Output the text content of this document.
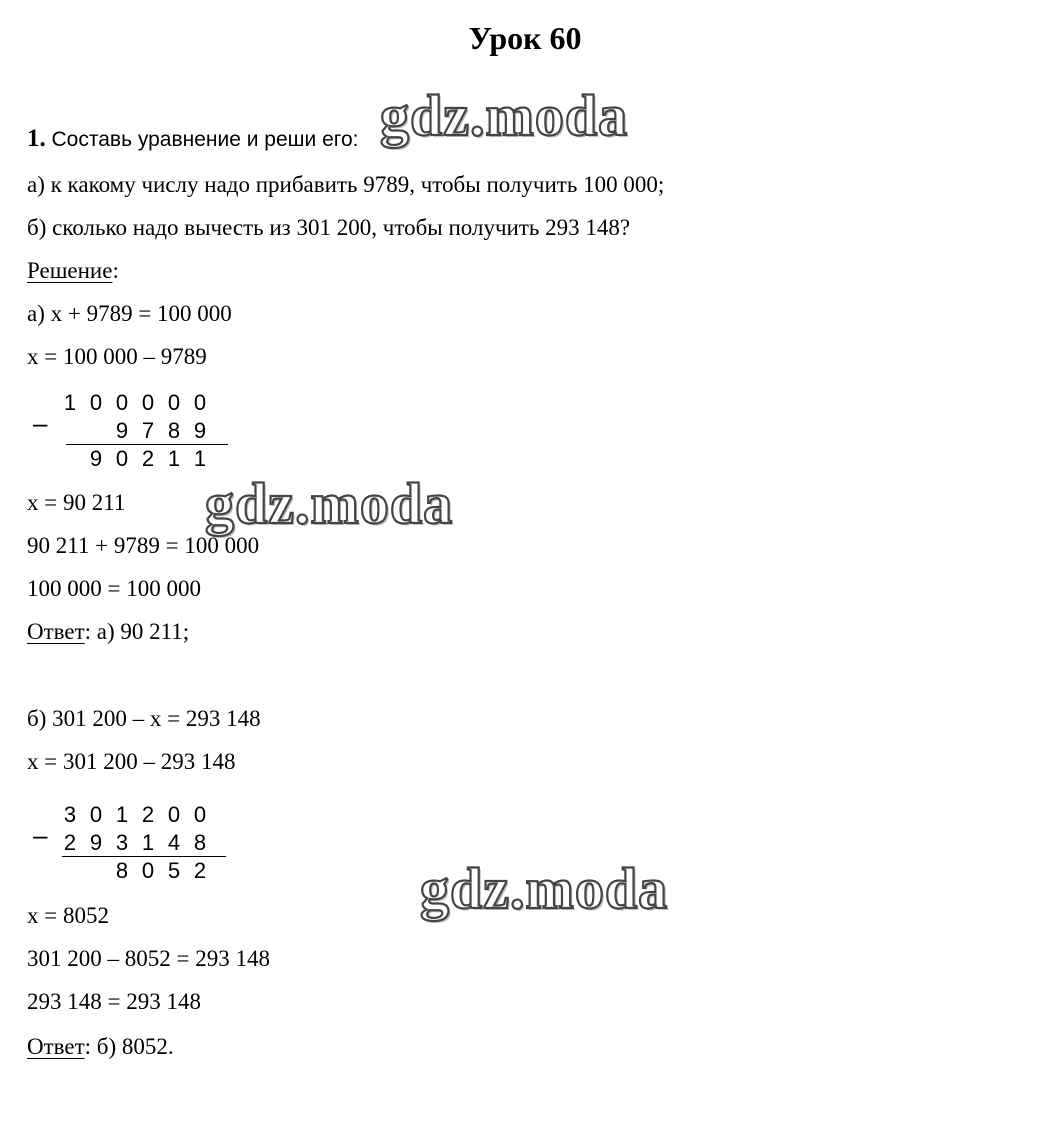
Урок 60
1. Составь уравнение и реши его:
а) к какому числу надо прибавить 9789, чтобы получить 100 000;
б) сколько надо вычесть из 301 200, чтобы получить 293 148?
Решение:
а) x + 9789 = 100 000
x = 100 000 – 9789
–
1 0 0 0 0 0
9 7 8 9
9 0 2 1 1
x = 90 211
90 211 + 9789 = 100 000
100 000 = 100 000
Ответ: а) 90 211;
б) 301 200 – x = 293 148
x = 301 200 – 293 148
–
3 0 1 2 0 0
2 9 3 1 4 8
8 0 5 2
x = 8052
301 200 – 8052 = 293 148
293 148 = 293 148
Ответ: б) 8052.
gdz.moda
gdz.moda
gdz.moda
